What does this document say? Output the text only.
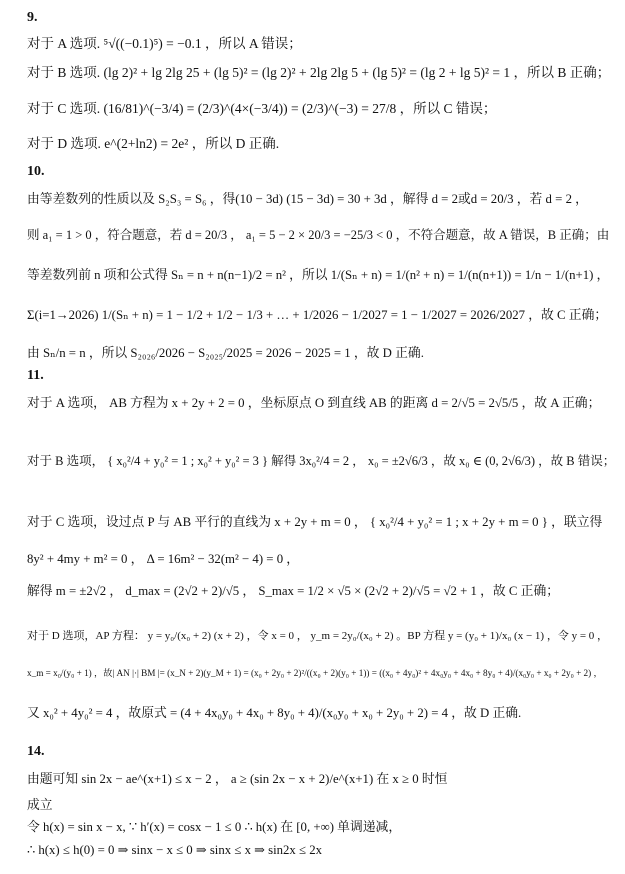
9.
对于 A 选项. ⁵√((−0.1)⁵) = −0.1 ，所以 A 错误；
对于 B 选项. (lg 2)² + lg 2lg 25 + (lg 5)² = (lg 2)² + 2lg 2lg 5 + (lg 5)² = (lg 2 + lg 5)² = 1 ，所以 B 正确；
对于 C 选项. (16/81)^(−3/4) = (2/3)^(4×(−3/4)) = (2/3)^(−3) = 27/8 ，所以 C 错误；
对于 D 选项. e^(2+ln2) = 2e² ，所以 D 正确.
10.
由等差数列的性质以及 S₂S₃ = S₆ ，得(10 − 3d) (15 − 3d) = 30 + 3d ，解得 d = 2或d = 20/3 ，若 d = 2 ，
则 a₁ = 1 > 0 ，符合题意，若 d = 20/3 ， a₁ = 5 − 2 × 20/3 = −25/3 < 0 ，不符合题意，故 A 错误，B 正确；由
等差数列前 n 项和公式得 Sₙ = n + n(n−1)/2 = n² ，所以 1/(Sₙ + n) = 1/(n² + n) = 1/(n(n+1)) = 1/n − 1/(n+1) ，
Σ(i=1→2026) 1/(Sₙ + n) = 1 − 1/2 + 1/2 − 1/3 + … + 1/2026 − 1/2027 = 1 − 1/2027 = 2026/2027 ，故 C 正确；
由 Sₙ/n = n ，所以 S₂₀₂₆/2026 − S₂₀₂₅/2025 = 2026 − 2025 = 1 ，故 D 正确.
11.
对于 A 选项， AB 方程为 x + 2y + 2 = 0 ，坐标原点 O 到直线 AB 的距离 d = 2/√5 = 2√5/5 ，故 A 正确；
对于 B 选项， { x₀²/4 + y₀² = 1 ; x₀² + y₀² = 3 } 解得 3x₀²/4 = 2 ， x₀ = ±2√6/3 ，故 x₀ ∈ (0, 2√6/3) ，故 B 错误；
对于 C 选项，设过点 P 与 AB 平行的直线为 x + 2y + m = 0 ， { x₀²/4 + y₀² = 1 ; x + 2y + m = 0 } ，联立得
8y² + 4my + m² = 0 ， Δ = 16m² − 32(m² − 4) = 0 ，
解得 m = ±2√2 ， d_max = (2√2 + 2)/√5 ， S_max = 1/2 × √5 × (2√2 + 2)/√5 = √2 + 1 ，故 C 正确；
对于 D 选项，AP 方程： y = y₀/(x₀ + 2) (x + 2) ，令 x = 0 ， y_m = 2y₀/(x₀ + 2) 。BP 方程 y = (y₀ + 1)/x₀ (x − 1) ，令 y = 0 ，
x_m = x₀/(y₀ + 1) ，故| AN |·| BM |= (x_N + 2)(y_M + 1) = (x₀ + 2y₀ + 2)²/((x₀ + 2)(y₀ + 1)) = ((x₀ + 4y₀)² + 4x₀y₀ + 4x₀ + 8y₀ + 4)/(x₀y₀ + x₀ + 2y₀ + 2) ，
又 x₀² + 4y₀² = 4 ，故原式 = (4 + 4x₀y₀ + 4x₀ + 8y₀ + 4)/(x₀y₀ + x₀ + 2y₀ + 2) = 4 ，故 D 正确.
14.
由题可知 sin 2x − ae^(x+1) ≤ x − 2 ， a ≥ (sin 2x − x + 2)/e^(x+1) 在 x ≥ 0 时恒
成立
令 h(x) = sin x − x, ∵ h′(x) = cosx − 1 ≤ 0 ∴ h(x) 在 [0, +∞) 单调递减，
∴ h(x) ≤ h(0) = 0 ⇒ sinx − x ≤ 0 ⇒ sinx ≤ x ⇒ sin2x ≤ 2x
